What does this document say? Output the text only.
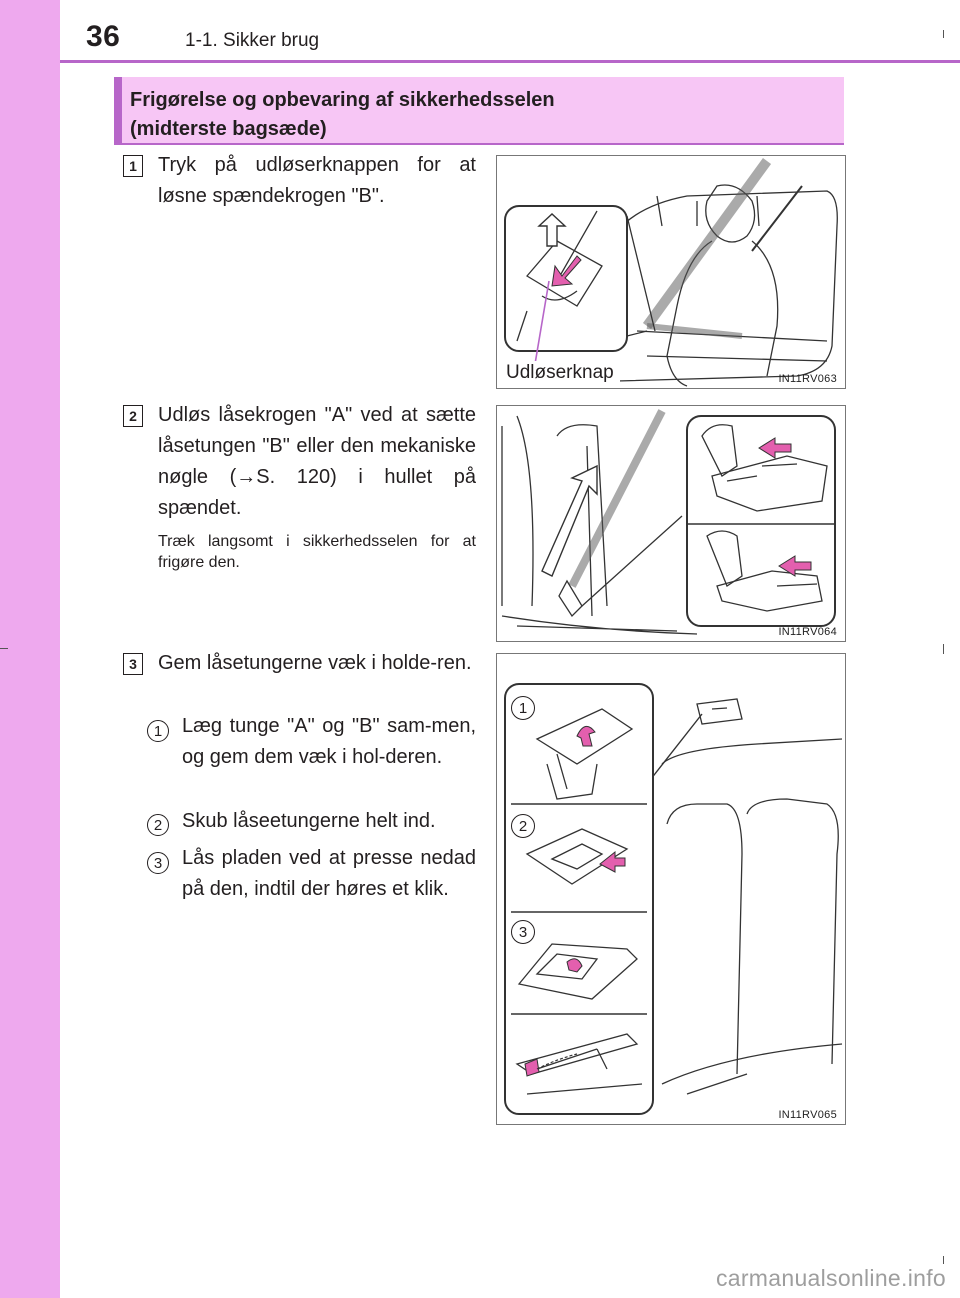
36	1-1. Sikker brug
Frigørelse og opbevaring af sikkerhedsselen
(midterste bagsæde)
1	Tryk på udløserknappen for at løsne spændekrogen "B".
2	Udløs låsekrogen "A" ved at sætte låsetungen "B" eller den mekaniske nøgle (→S. 120) i hullet på spændet.
Træk langsomt i sikkerhedsselen for at frigøre den.
3	Gem låsetungerne væk i holde-ren.
1 Læg tunge "A" og "B" sam-men, og gem dem væk i hol-deren.
2 Skub låseetungerne helt ind.
3 Lås pladen ved at presse nedad på den, indtil der høres et klik.
Udløserknap	IN11RV063
IN11RV064
1
2
3
IN11RV065
carmanualsonline.info
